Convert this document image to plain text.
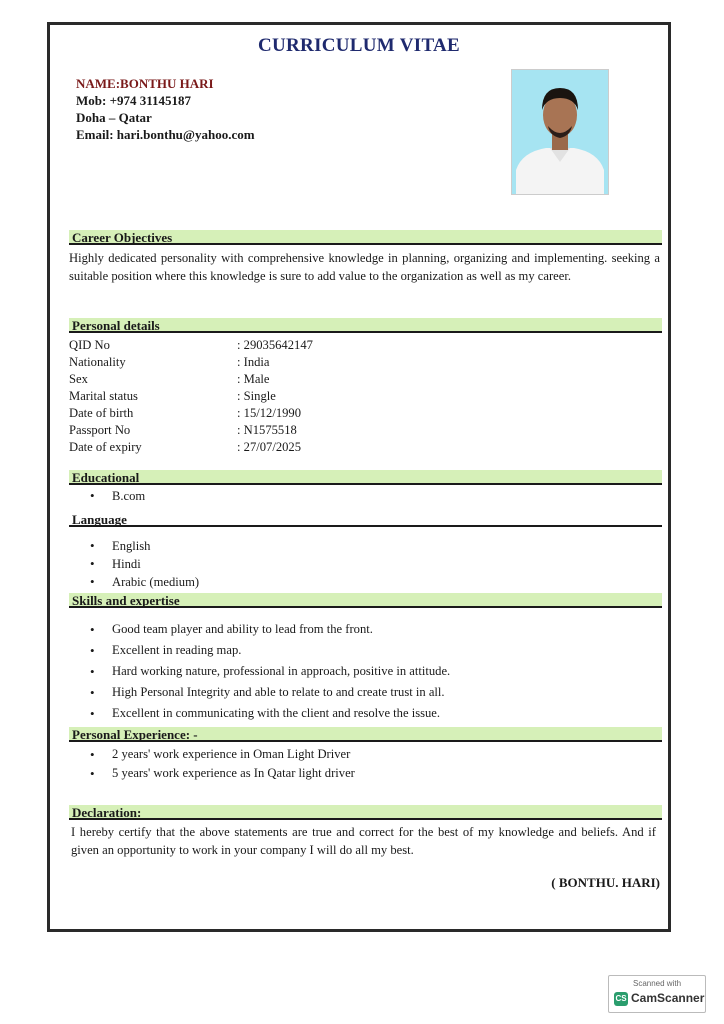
CURRICULUM VITAE
NAME:BONTHU HARI
Mob: +974 31145187
Doha – Qatar
Email: hari.bonthu@yahoo.com
Career Objectives
Highly dedicated personality with comprehensive knowledge in planning, organizing and implementing. seeking a suitable position where this knowledge is sure to add value to the organization as well as my career.
Personal details
QID No	: 29035642147
Nationality	: India
Sex	: Male
Marital status	: Single
Date of birth	: 15/12/1990
Passport No	: N1575518
Date of expiry	: 27/07/2025
Educational
• B.com
Language
• English
• Hindi
• Arabic (medium)
Skills and expertise
• Good team player and ability to lead from the front.
• Excellent in reading map.
• Hard working nature, professional in approach, positive in attitude.
• High Personal Integrity and able to relate to and create trust in all.
• Excellent in communicating with the client and resolve the issue.
Personal Experience: -
• 2 years' work experience in Oman Light Driver
• 5 years' work experience as In Qatar light driver
Declaration:
I hereby certify that the above statements are true and correct for the best of my knowledge and beliefs. And if given an opportunity to work in your company I will do all my best.
( BONTHU. HARI)
Scanned with
CS CamScanner
